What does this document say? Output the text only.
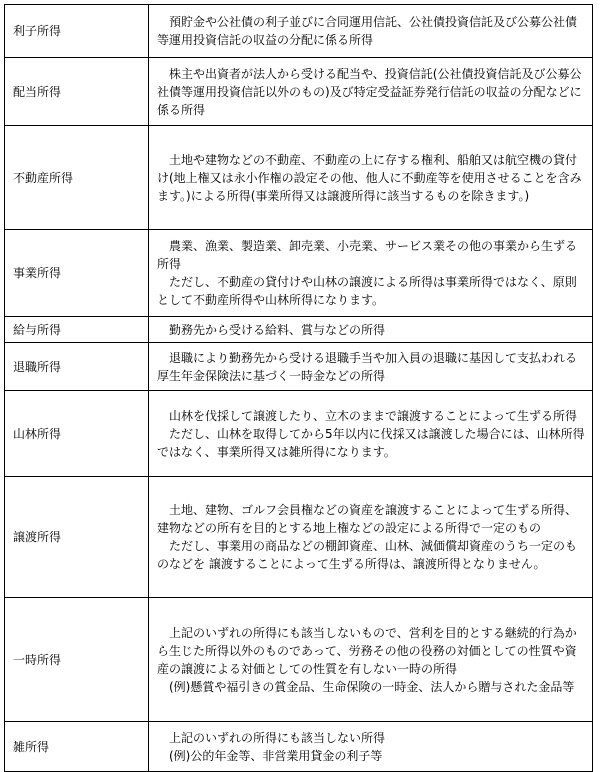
利子所得	預貯金や公社債の利子並びに合同運用信託、公社債投資信託及び公募公社債等運用投資信託の収益の分配に係る所得

配当所得	株主や出資者が法人から受ける配当や、投資信託(公社債投資信託及び公募公社債等運用投資信託以外のもの)及び特定受益証券発行信託の収益の分配などに係る所得

不動産所得	土地や建物などの不動産、不動産の上に存する権利、船舶又は航空機の貸付け(地上権又は永小作権の設定その他、他人に不動産等を使用させることを含みます。)による所得(事業所得又は譲渡所得に該当するものを除きます。)

事業所得	農業、漁業、製造業、卸売業、小売業、サービス業その他の事業から生ずる所得
ただし、不動産の貸付けや山林の譲渡による所得は事業所得ではなく、原則として不動産所得や山林所得になります。

給与所得	勤務先から受ける給料、賞与などの所得

退職所得	退職により勤務先から受ける退職手当や加入員の退職に基因して支払われる厚生年金保険法に基づく一時金などの所得

山林所得	山林を伐採して譲渡したり、立木のままで譲渡することによって生ずる所得
ただし、山林を取得してから5年以内に伐採又は譲渡した場合には、山林所得ではなく、事業所得又は雑所得になります。

譲渡所得	土地、建物、ゴルフ会員権などの資産を譲渡することによって生ずる所得、建物などの所有を目的とする地上権などの設定による所得で一定のもの
ただし、事業用の商品などの棚卸資産、山林、減価償却資産のうち一定のものなどを 譲渡することによって生ずる所得は、譲渡所得となりません。

一時所得	上記のいずれの所得にも該当しないもので、営利を目的とする継続的行為から生じた所得以外のものであって、労務その他の役務の対価としての性質や資産の譲渡による対価としての性質を有しない一時の所得
(例)懸賞や福引きの賞金品、生命保険の一時金、法人から贈与された金品等

雑所得	上記のいずれの所得にも該当しない所得
(例)公的年金等、非営業用貸金の利子等
